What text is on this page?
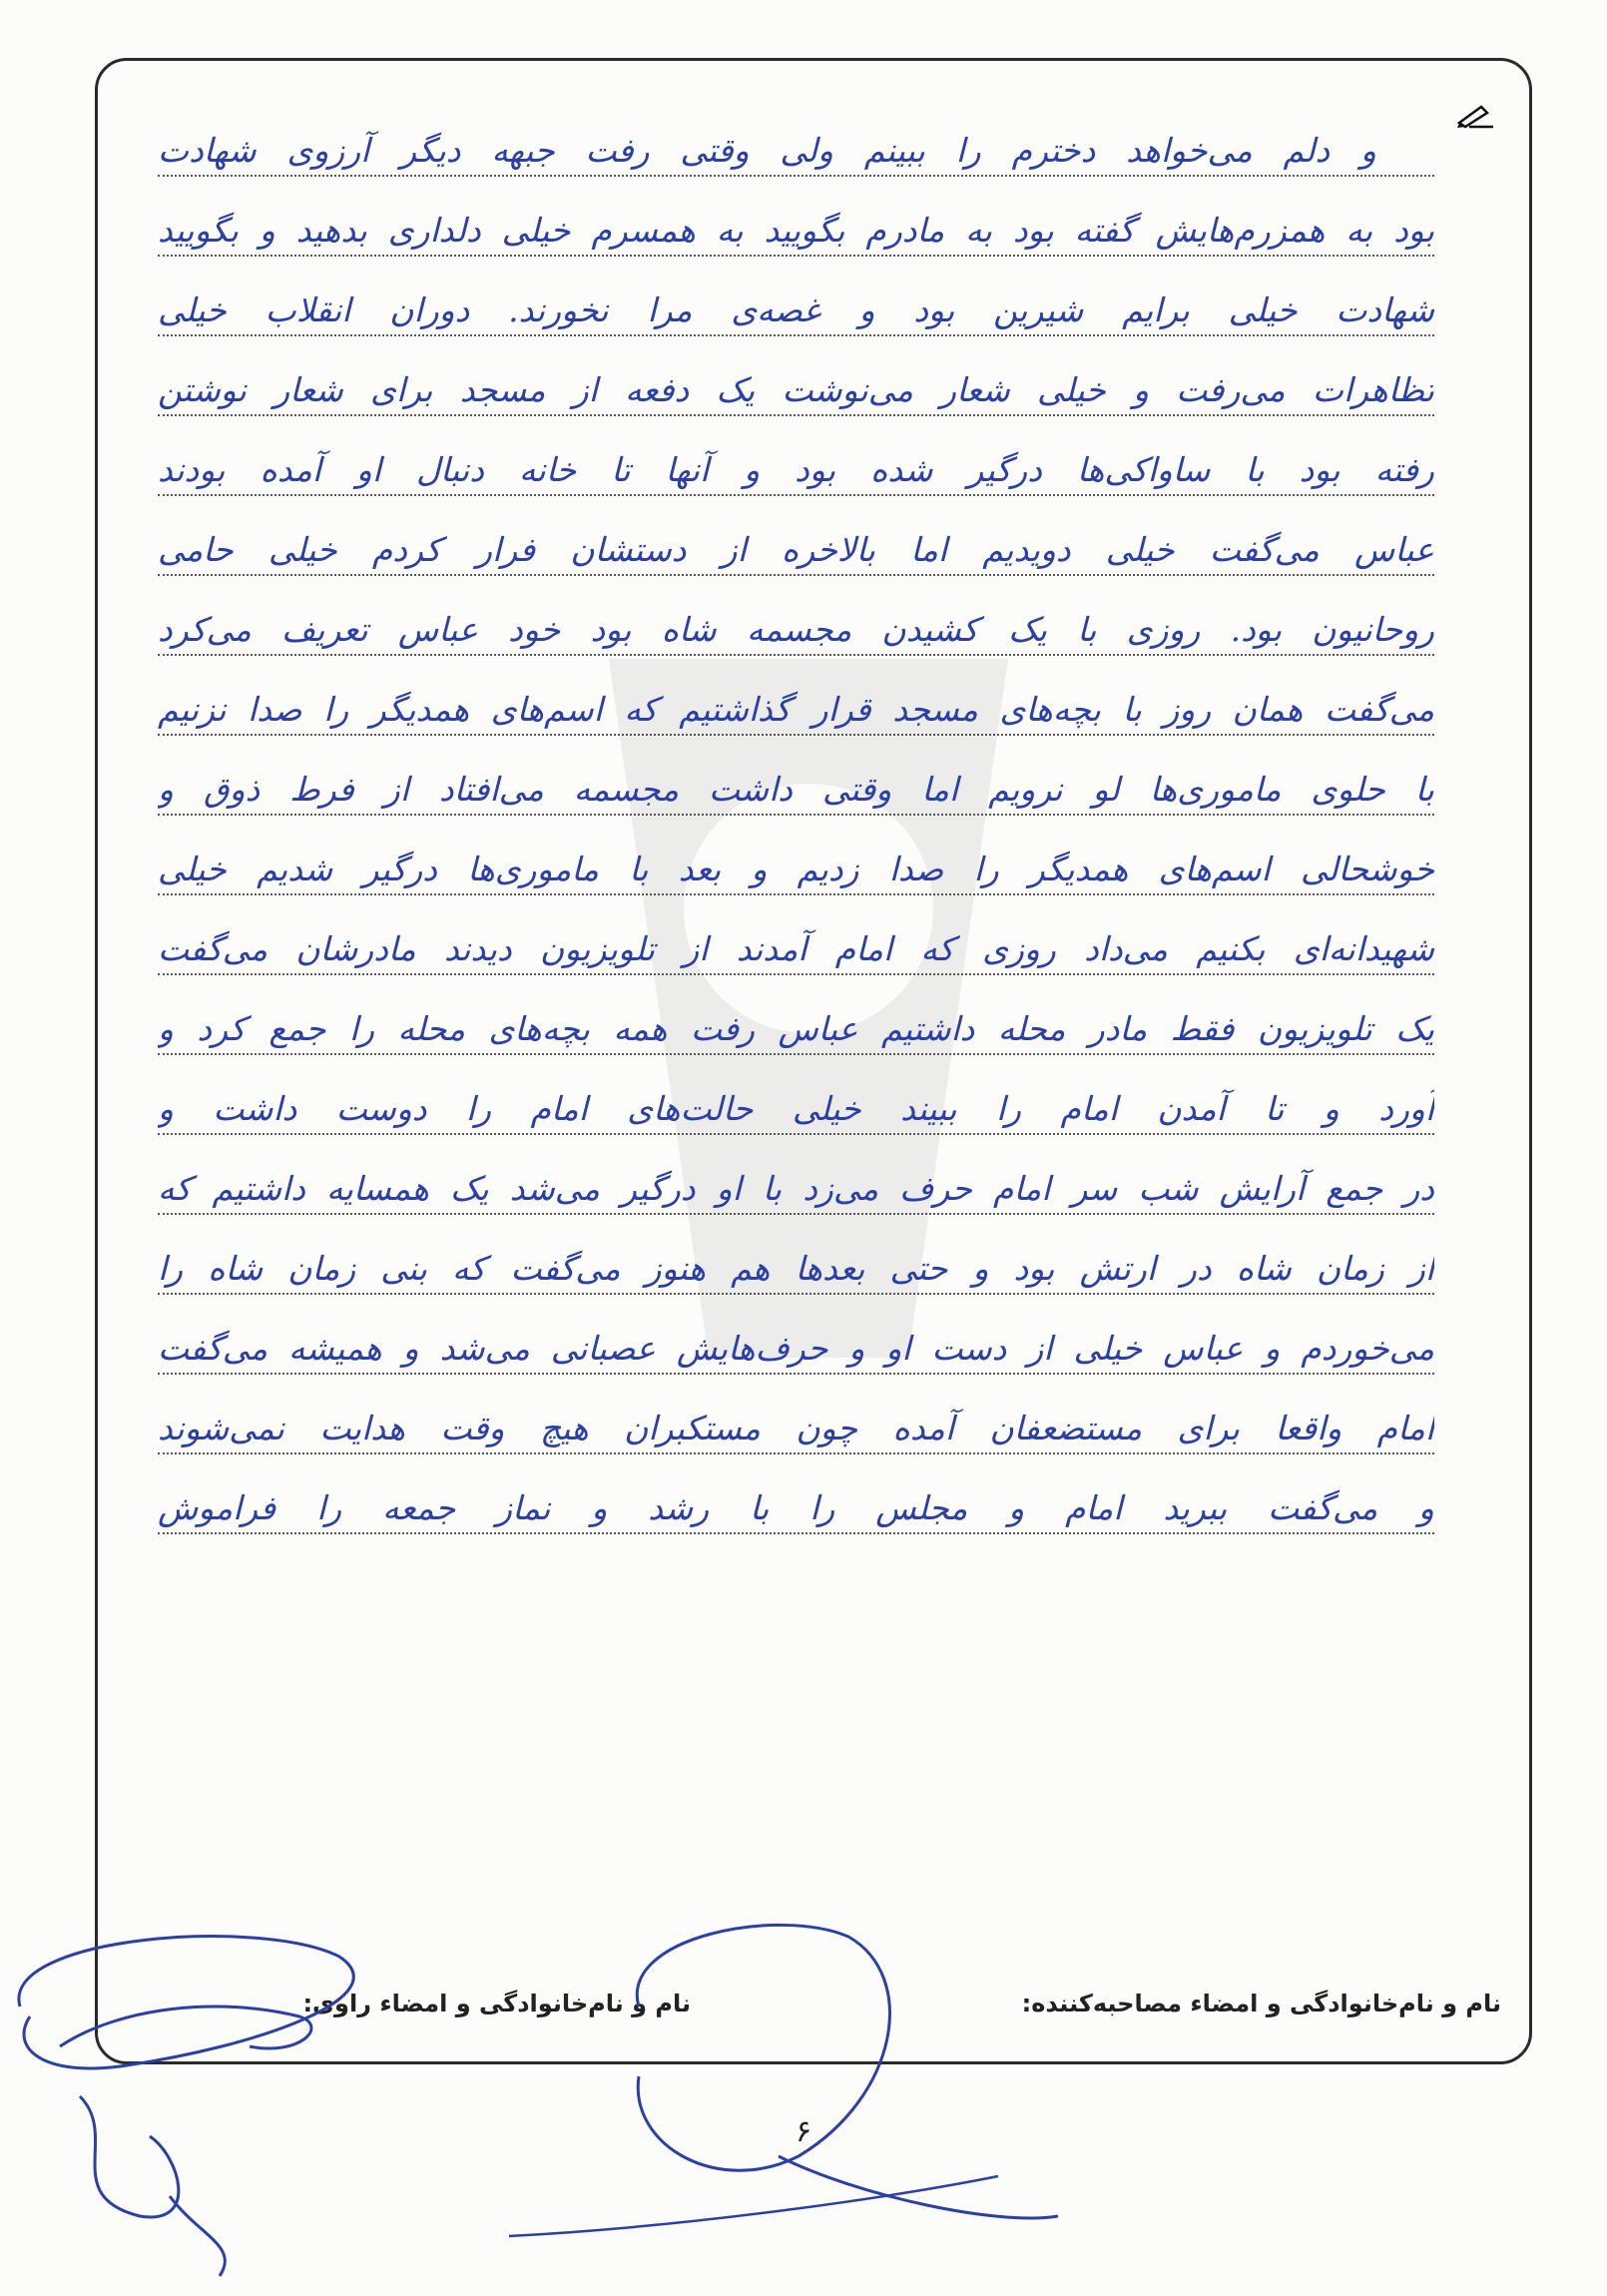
و دلم می‌خواهد دختر‌م را ببینم ولی وقتی رفت جبهه دیگر آرزوی شهادت
بود به همزرم‌هایش گفته بود به مادرم بگویید به همسرم خیلی دلداری بدهید و بگویید
شهادت خیلی برایم شیرین بود و غصه‌ی مرا نخورند. دوران انقلاب خیلی
تظاهرات می‌رفت و خیلی شعار می‌نوشت یک دفعه از مسجد برای شعار نوشتن
رفته بود با ساواکی‌ها درگیر شده بود و آنها تا خانه دنبال او آمده بودند
عباس می‌گفت خیلی دویدیم اما بالاخره از دستشان فرار کردم خیلی حامی
روحانیون بود. روزی با یک کشیدن مجسمه شاه بود خود عباس تعریف می‌کرد
می‌گفت همان روز با بچه‌های مسجد قرار گذاشتیم که اسم‌های همدیگر را صدا نزنیم
با حلوی ماموری‌ها لو نرویم اما وقتی داشت مجسمه می‌افتاد از فرط ذوق و
خوشحالی اسم‌های همدیگر را صدا زدیم و بعد با ماموری‌ها درگیر شدیم خیلی
شهیدانه‌ای بکنیم می‌داد روزی که امام آمدند از تلویزیون دیدند مادرشان می‌گفت
یک تلویزیون فقط مادر محله داشتیم عباس رفت همه بچه‌های محله را جمع کرد و
آورد و تا آمدن امام را ببیند خیلی حالت‌های امام را دوست داشت و
در جمع آرایش شب سر امام حرف می‌زد با او درگیر می‌شد یک همسایه داشتیم که
از زمان شاه در ارتش بود و حتی بعدها هم هنوز می‌گفت که بنی زمان شاه را
می‌خوردم و عباس خیلی از دست او و حرف‌هایش عصبانی می‌شد و همیشه می‌گفت
امام واقعا برای مستضعفان آمده چون مستکبران هیچ وقت هدایت نمی‌شوند
و می‌گفت ببرید امام و مجلس را با رشد و نماز جمعه را فراموش
نام و نام‌خانوادگی و امضاء مصاحبه‌کننده:
نام و نام‌خانوادگی و امضاء راوی:
۶
